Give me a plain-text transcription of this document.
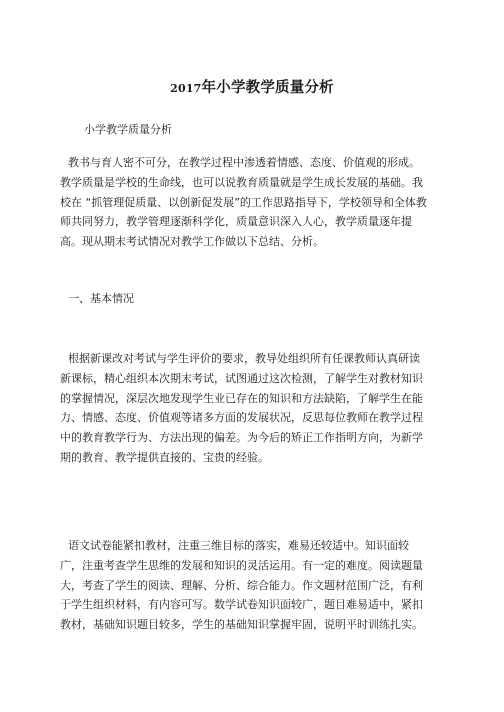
2017年小学教学质量分析
小学教学质量分析
教书与育人密不可分，在教学过程中渗透着情感、态度、价值观的形成。
教学质量是学校的生命线，也可以说教育质量就是学生成长发展的基础。我
校在 “抓管理促质量、以创新促发展”的工作思路指导下，学校领导和全体教
师共同努力，教学管理逐渐科学化，质量意识深入人心，教学质量逐年提
高。现从期末考试情况对教学工作做以下总结、分析。
一、基本情况
根据新课改对考试与学生评价的要求，教导处组织所有任课教师认真研读
新课标，精心组织本次期末考试，试图通过这次检测，了解学生对教材知识
的掌握情况，深层次地发现学生业已存在的知识和方法缺陷，了解学生在能
力、情感、态度、价值观等诸多方面的发展状况，反思每位教师在教学过程
中的教育教学行为、方法出现的偏差。为今后的矫正工作指明方向，为新学
期的教育、教学提供直接的、宝贵的经验。
语文试卷能紧扣教材，注重三维目标的落实，难易还较适中。知识面较
广，注重考查学生思维的发展和知识的灵活运用。有一定的难度。阅读题量
大，考查了学生的阅读、理解、分析、综合能力。作文题材范围广泛，有利
于学生组织材料，有内容可写。数学试卷知识面较广，题目难易适中，紧扣
教材，基础知识题目较多，学生的基础知识掌握牢固，说明平时训练扎实。
